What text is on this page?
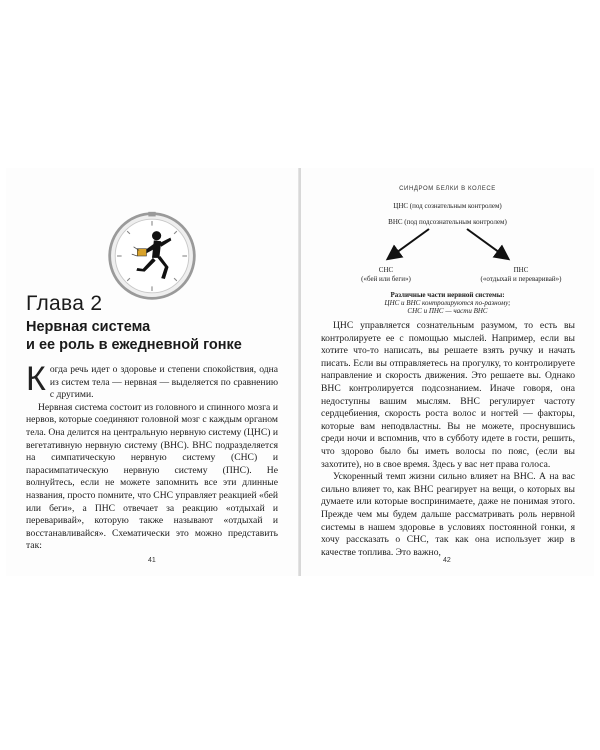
Глава 2
Нервная система
и ее роль в ежедневной гонке

Когда речь идет о здоровье и степени спокойствия, одна из систем тела — нервная — выделяется по сравнению с другими.

Нервная система состоит из головного и спинного мозга и нервов, которые соединяют головной мозг с каждым органом тела. Она делится на центральную нервную систему (ЦНС) и вегетативную нервную систему (ВНС). ВНС подразделяется на симпатическую нервную систему (СНС) и парасимпатическую нервную систему (ПНС). Не волнуйтесь, если не можете запомнить все эти длинные названия, просто помните, что СНС управляет реакцией «бей или беги», а ПНС отвечает за реакцию «отдыхай и переваривай», которую также называют «отдыхай и восстанавливайся». Схематически это можно представить так:

41
СИНДРОМ БЕЛКИ В КОЛЕСЕ
ЦНС (под сознательным контролем)
ВНС (под подсознательным контролем)
СНС
(«бей или беги»)
ПНС
(«отдыхай и переваривай»)
Различные части нервной системы:
ЦНС и ВНС контролируются по-разному;
СНС и ПНС — части ВНС

ЦНС управляется сознательным разумом, то есть вы контролируете ее с помощью мыслей. Например, если вы хотите что-то написать, вы решаете взять ручку и начать писать. Если вы отправляетесь на прогулку, то контролируете направление и скорость движения. Это решаете вы. Однако ВНС контролируется подсознанием. Иначе говоря, она недоступны вашим мыслям. ВНС регулирует частоту сердцебиения, скорость роста волос и ногтей — факторы, которые вам неподвластны. Вы не можете, проснувшись среди ночи и вспомнив, что в субботу идете в гости, решить, что здорово было бы иметь волосы по пояс, (если вы захотите), но в свое время. Здесь у вас нет права голоса.

Ускоренный темп жизни сильно влияет на ВНС. А на вас сильно влияет то, как ВНС реагирует на вещи, о которых вы думаете или которые воспринимаете, даже не понимая этого. Прежде чем мы будем дальше рассматривать роль нервной системы в нашем здоровье в условиях постоянной гонки, я хочу рассказать о СНС, так как она использует жир в качестве топлива. Это важно,

42
